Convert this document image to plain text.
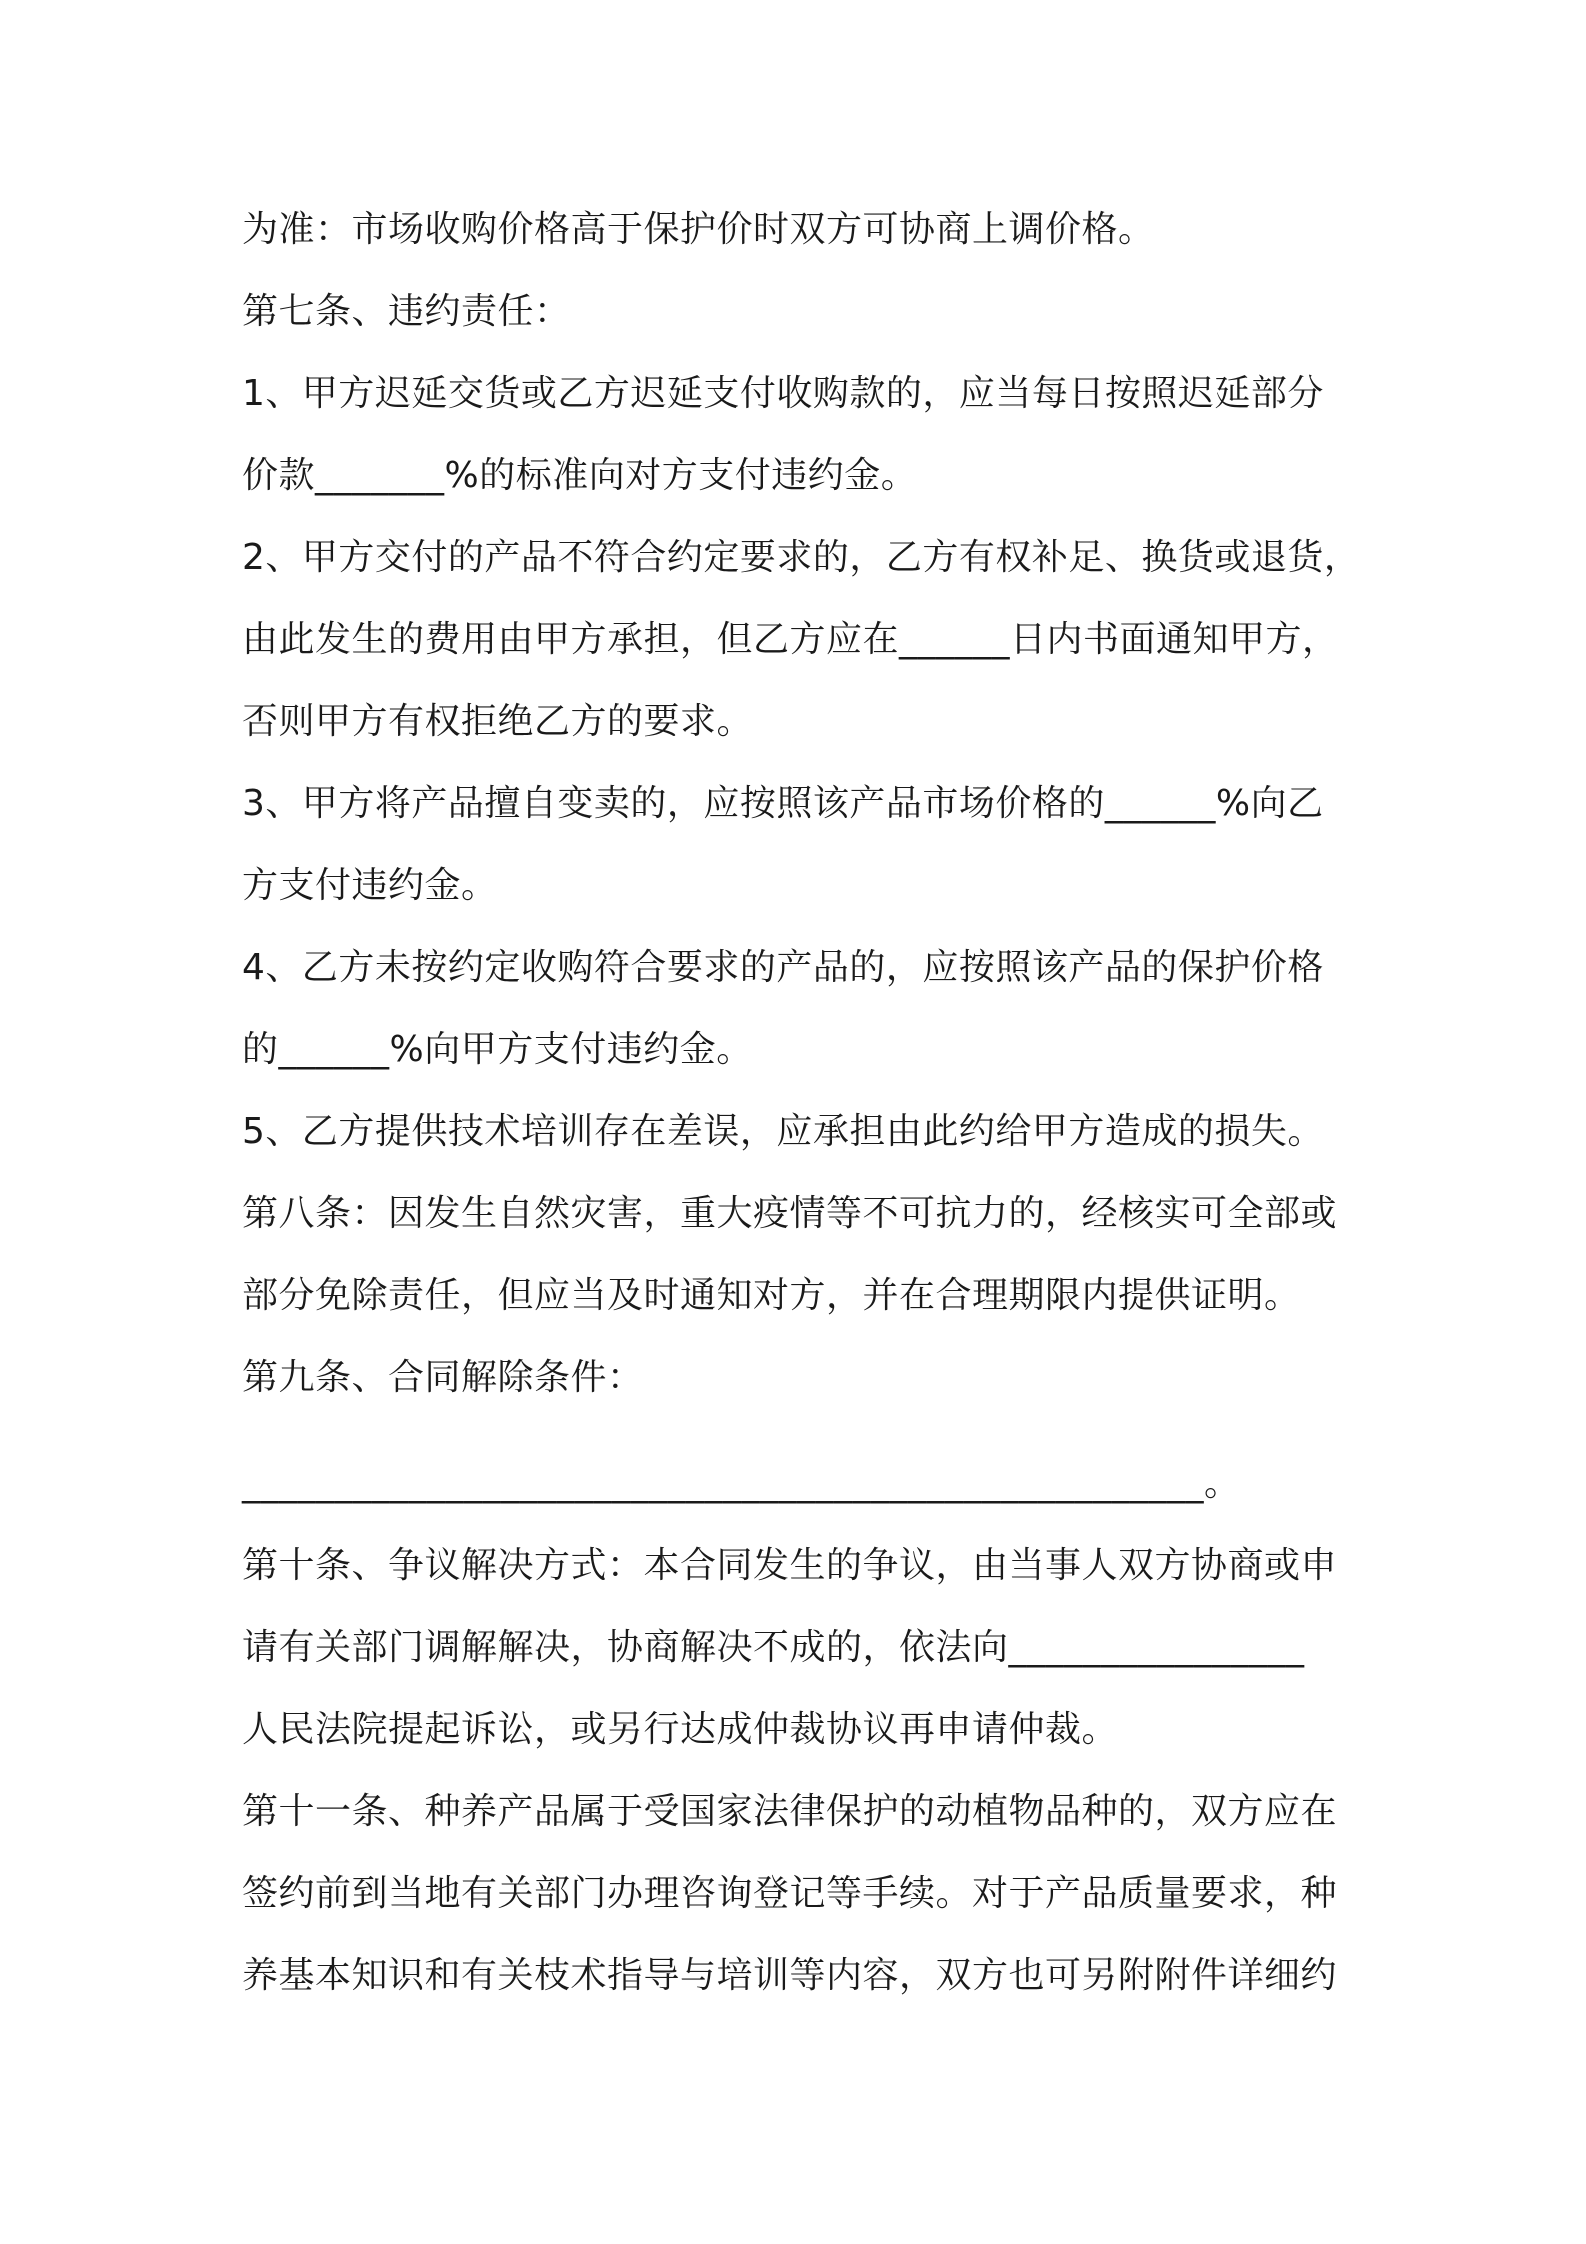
为准：市场收购价格高于保护价时双方可协商上调价格。
第七条、违约责任：
1、甲方迟延交货或乙方迟延支付收购款的，应当每日按照迟延部分
价款_______%的标准向对方支付违约金。
2、甲方交付的产品不符合约定要求的，乙方有权补足、换货或退货，
由此发生的费用由甲方承担，但乙方应在______日内书面通知甲方，
否则甲方有权拒绝乙方的要求。
3、甲方将产品擅自变卖的，应按照该产品市场价格的______%向乙
方支付违约金。
4、乙方未按约定收购符合要求的产品的，应按照该产品的保护价格
的______%向甲方支付违约金。
5、乙方提供技术培训存在差误，应承担由此约给甲方造成的损失。
第八条：因发生自然灾害，重大疫情等不可抗力的，经核实可全部或
部分免除责任，但应当及时通知对方，并在合理期限内提供证明。
第九条、合同解除条件：
____________________________________________________。
第十条、争议解决方式：本合同发生的争议，由当事人双方协商或申
请有关部门调解解决，协商解决不成的，依法向________________
人民法院提起诉讼，或另行达成仲裁协议再申请仲裁。
第十一条、种养产品属于受国家法律保护的动植物品种的，双方应在
签约前到当地有关部门办理咨询登记等手续。对于产品质量要求，种
养基本知识和有关枝术指导与培训等内容，双方也可另附附件详细约
